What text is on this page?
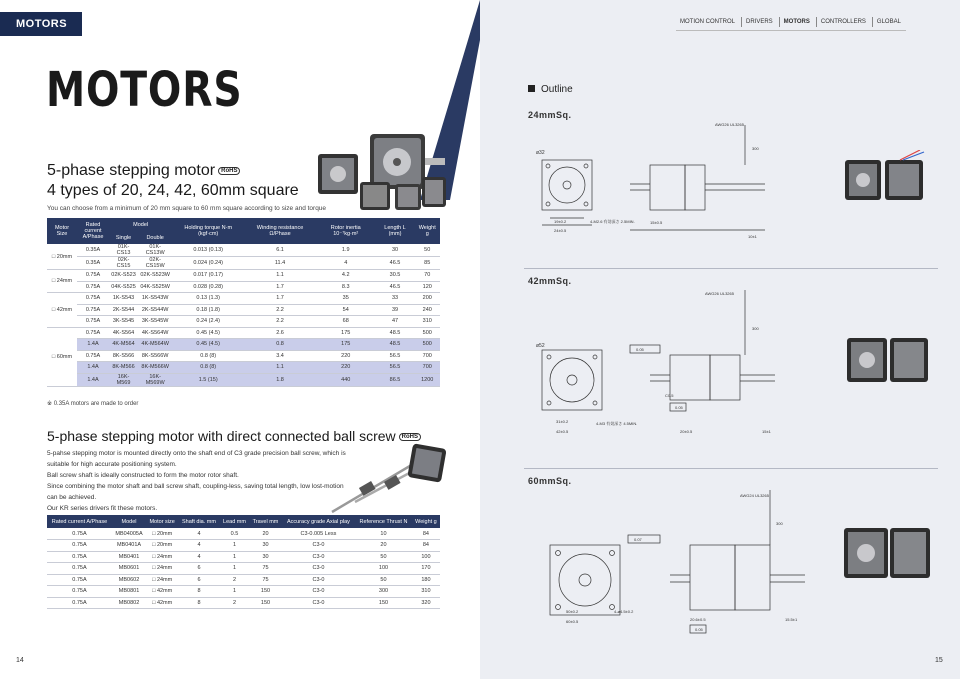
MOTORS	MOTION CONTROL	DRIVERS	MOTORS	CONTROLLERS	GLOBAL
MOTORS
5-phase stepping motor RoHS
4 types of 20, 24, 42, 60mm square
You can choose from a minimum of 20 mm square to 60 mm square according to size and torque
Motor Size	Rated current A/Phase	Model		Holding torque N·m (kgf·cm)	Winding resistance Ω/Phase	Rotor inertia 10⁻⁷kg·m²	Length L (mm)	Weight g
		Single	Double					
□ 20mm	0.35A	01K-CS13	01K-CS13W	0.013 (0.13)	6.1	1.9	30	50
	0.35A	02K-CS15	02K-CS15W	0.024 (0.24)	11.4	4	46.5	85
□ 24mm	0.75A	02K-S523	02K-S523W	0.017 (0.17)	1.1	4.2	30.5	70
	0.75A	04K-S525	04K-S525W	0.028 (0.28)	1.7	8.3	46.5	120
□ 42mm	0.75A	1K-S543	1K-S543W	0.13 (1.3)	1.7	35	33	200
	0.75A	2K-S544	2K-S544W	0.18 (1.8)	2.2	54	39	240
	0.75A	3K-S545	3K-S545W	0.24 (2.4)	2.2	68	47	310
□ 60mm	0.75A	4K-S564	4K-S564W	0.45 (4.5)	2.6	175	48.5	500
	1.4A	4K-M564	4K-M564W	0.45 (4.5)	0.8	175	48.5	500
	0.75A	8K-S566	8K-S566W	0.8 (8)	3.4	220	56.5	700
	1.4A	8K-M566	8K-M566W	0.8 (8)	1.1	220	56.5	700
	1.4A	16K-M569	16K-M569W	1.5 (15)	1.8	440	86.5	1200
※ 0.35A motors are made to order
5-phase stepping motor with direct connected ball screw RoHS
5-pahse stepping motor is mounted directly onto the shaft end of C3 grade precision ball screw, which is suitable for high accurate positioning system.
Ball screw shaft is ideally constructed to form the motor rotor shaft.
Since combining the motor shaft and ball screw shaft, coupling-less, saving total length, low lost-motion can be achieved.
Our KR series drivers fit these motors.
Rated current A/Phase	Model	Motor size	Shaft dia. mm	Lead mm	Travel mm	Accuracy grade Axial play	Reference Thrust N	Weight g
0.75A	MB04005A	□ 20mm	4	0.5	20	C3-0.005 Less	10	84
0.75A	MB0401A	□ 20mm	4	1	30	C3-0	20	84
0.75A	MB0401	□ 24mm	4	1	30	C3-0	50	100
0.75A	MB0601	□ 24mm	6	1	75	C3-0	100	170
0.75A	MB0602	□ 24mm	6	2	75	C3-0	50	180
0.75A	MB0801	□ 42mm	8	1	150	C3-0	300	310
0.75A	MB0802	□ 42mm	8	2	150	C3-0	150	320
14	15
Outline
24mmSq.
42mmSq.
60mmSq.
ø32
19±0.2
24±0.5
4-M2.6 有効深さ 2.5MIN.	15±0.5
10±1
AWG26 UL3265
300
ø52
31±0.2
42±0.5
4-M3 有効深さ 4.5MIN.
20±0.5	15±1
0.05
0.05
C0.5
AWG26 UL3265
300
50±0.2
60±0.5
4-ø4.5±0.2
20.6±0.5	15.5±1
0.07
0.05
AWG24 UL3265
300
